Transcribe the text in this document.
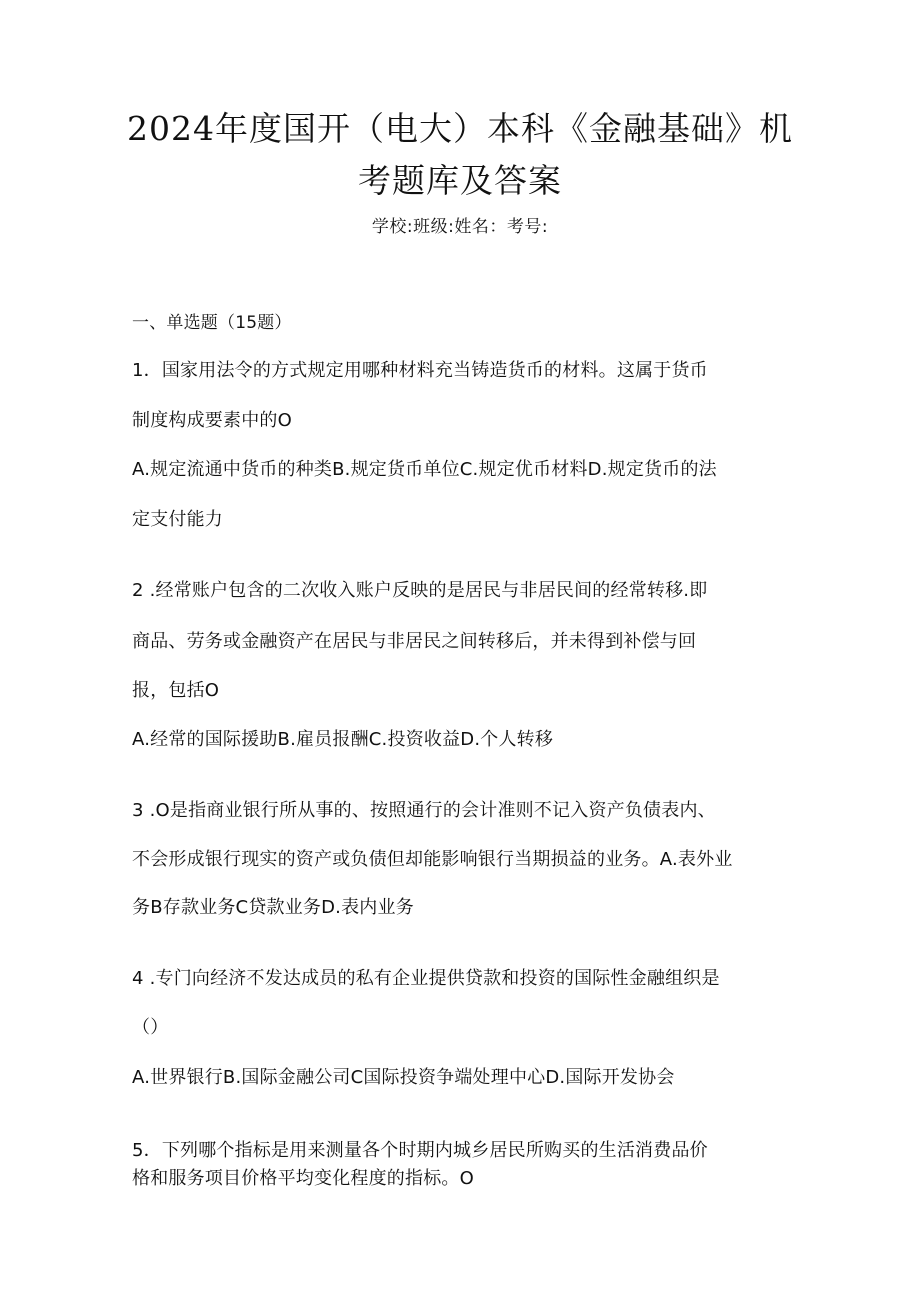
2024年度国开（电大）本科《金融基础》机
考题库及答案
学校:班级:姓名：考号:
一、单选题（15题）
1．国家用法令的方式规定用哪种材料充当铸造货币的材料。这属于货币
制度构成要素中的O
A.规定流通中货币的种类B.规定货币单位C.规定优币材料D.规定货币的法
定支付能力
2 .经常账户包含的二次收入账户反映的是居民与非居民间的经常转移.即
商品、劳务或金融资产在居民与非居民之间转移后，并未得到补偿与回
报，包括O
A.经常的国际援助B.雇员报酬C.投资收益D.个人转移
3 .O是指商业银行所从事的、按照通行的会计准则不记入资产负债表内、
不会形成银行现实的资产或负债但却能影响银行当期损益的业务。A.表外业
务B存款业务C贷款业务D.表内业务
4 .专门向经济不发达成员的私有企业提供贷款和投资的国际性金融组织是
（）
A.世界银行B.国际金融公司C国际投资争端处理中心D.国际开发协会
5．下列哪个指标是用来测量各个时期内城乡居民所购买的生活消费品价
格和服务项目价格平均变化程度的指标。O
